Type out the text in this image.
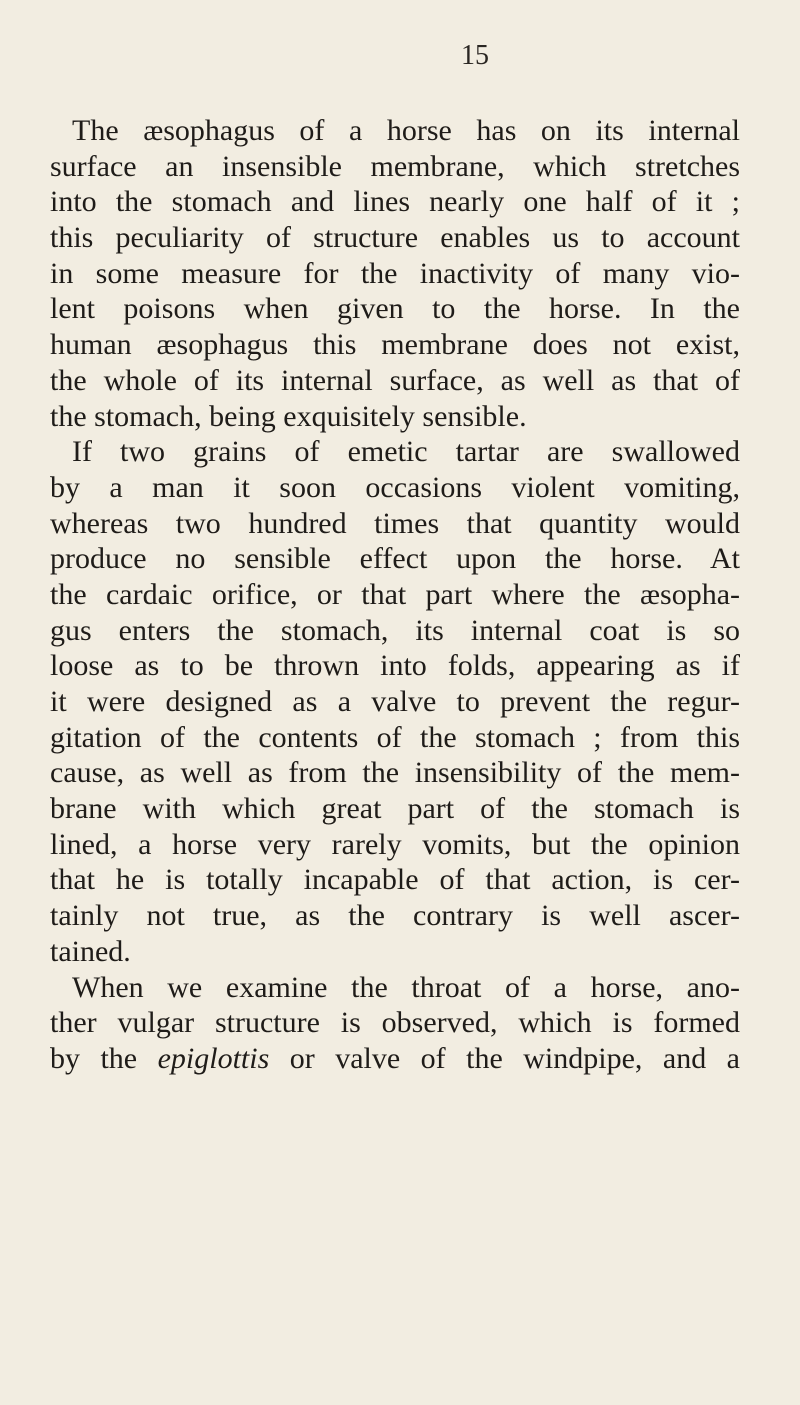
15
The æsophagus of a horse has on its internal
surface an insensible membrane, which stretches
into the stomach and lines nearly one half of it ;
this peculiarity of structure enables us to account
in some measure for the inactivity of many vio-
lent poisons when given to the horse. In the
human æsophagus this membrane does not exist,
the whole of its internal surface, as well as that of
the stomach, being exquisitely sensible.
If two grains of emetic tartar are swallowed
by a man it soon occasions violent vomiting,
whereas two hundred times that quantity would
produce no sensible effect upon the horse. At
the cardaic orifice, or that part where the æsopha-
gus enters the stomach, its internal coat is so
loose as to be thrown into folds, appearing as if
it were designed as a valve to prevent the regur-
gitation of the contents of the stomach ; from this
cause, as well as from the insensibility of the mem-
brane with which great part of the stomach is
lined, a horse very rarely vomits, but the opinion
that he is totally incapable of that action, is cer-
tainly not true, as the contrary is well ascer-
tained.
When we examine the throat of a horse, ano-
ther vulgar structure is observed, which is formed
by the epiglottis or valve of the windpipe, and a
